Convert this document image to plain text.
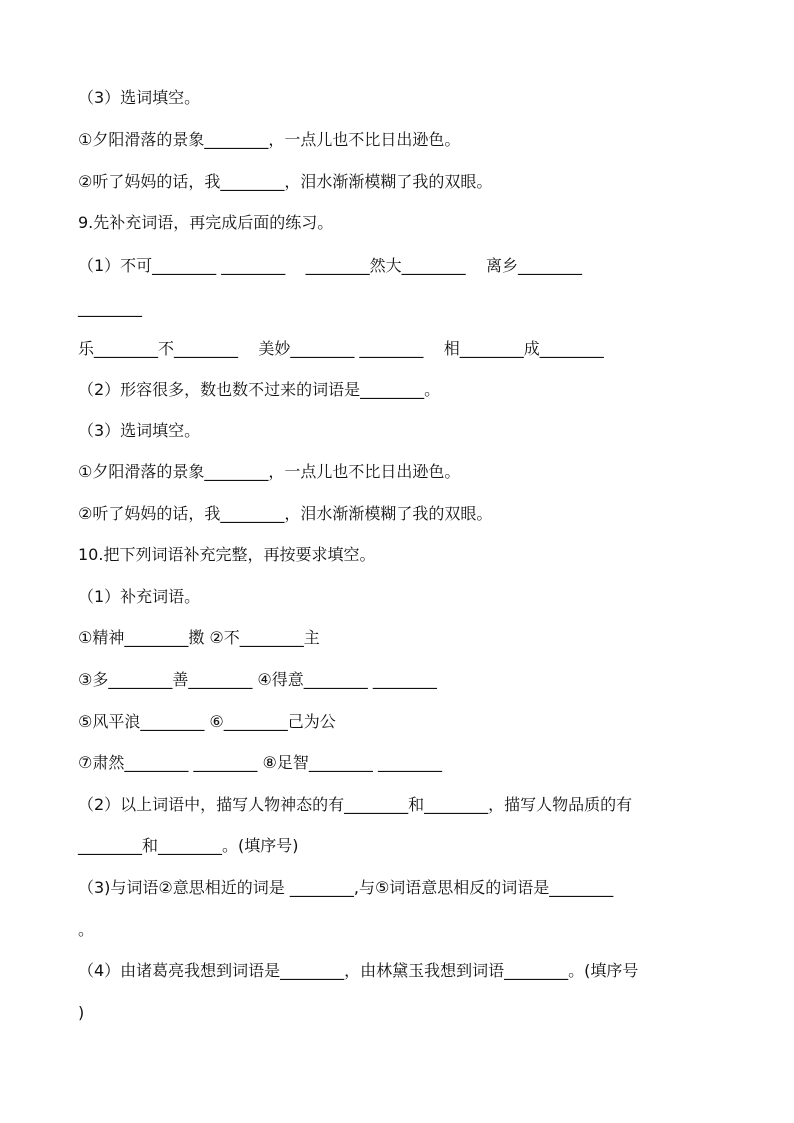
（3）选词填空。
①夕阳滑落的景象________，一点儿也不比日出逊色。
②听了妈妈的话，我________，泪水渐渐模糊了我的双眼。
9.先补充词语，再完成后面的练习。
（1）不可________ ________    ________然大________    离乡________
________
乐________不________    美妙________ ________    相________成________
（2）形容很多，数也数不过来的词语是________。
（3）选词填空。
①夕阳滑落的景象________，一点儿也不比日出逊色。
②听了妈妈的话，我________，泪水渐渐模糊了我的双眼。
10.把下列词语补充完整，再按要求填空。
（1）补充词语。
①精神________擞 ②不________主
③多________善________ ④得意________ ________
⑤风平浪________ ⑥________己为公
⑦肃然________ ________ ⑧足智________ ________
（2）以上词语中，描写人物神态的有________和________，描写人物品质的有
________和________。(填序号)
（3)与词语②意思相近的词是 ________,与⑤词语意思相反的词语是________
。
（4）由诸葛亮我想到词语是________，由林黛玉我想到词语________。(填序号
)
